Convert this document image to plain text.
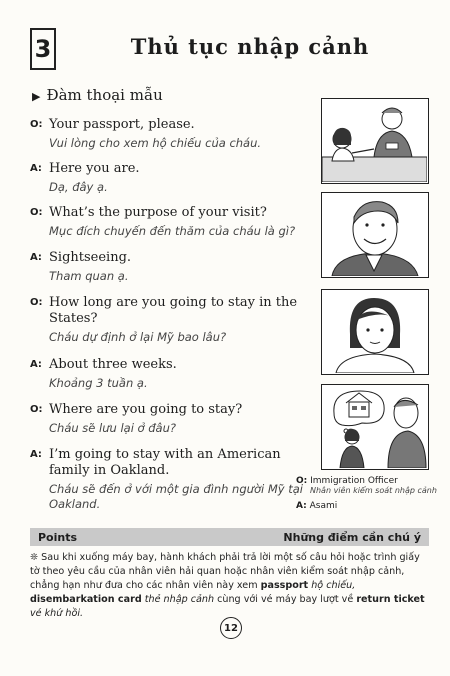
3	Thủ tục nhập cảnh
▶ Đàm thoại mẫu
O: Your passport, please.
Vui lòng cho xem hộ chiếu của cháu.
A: Here you are.
Dạ, đây ạ.
O: What’s the purpose of your visit?
Mục đích chuyến đến thăm của cháu là gì?
A: Sightseeing.
Tham quan ạ.
O: How long are you going to stay in the States?
Cháu dự định ở lại Mỹ bao lâu?
A: About three weeks.
Khoảng 3 tuần ạ.
O: Where are you going to stay?
Cháu sẽ lưu lại ở đâu?
A: I’m going to stay with an American family in Oakland.
Cháu sẽ đến ở với một gia đình người Mỹ tại Oakland.
O: Immigration Officer
Nhân viên kiểm soát nhập cảnh
A: Asami
Points	Những điểm cần chú ý
❊ Sau khi xuống máy bay, hành khách phải trả lời một số câu hỏi hoặc trình giấy tờ theo yêu cầu của nhân viên hải quan hoặc nhân viên kiểm soát nhập cảnh, chẳng hạn như đưa cho các nhân viên này xem passport hộ chiếu, disembarkation card thẻ nhập cảnh cùng với vé máy bay lượt về return ticket vé khứ hồi.
12
